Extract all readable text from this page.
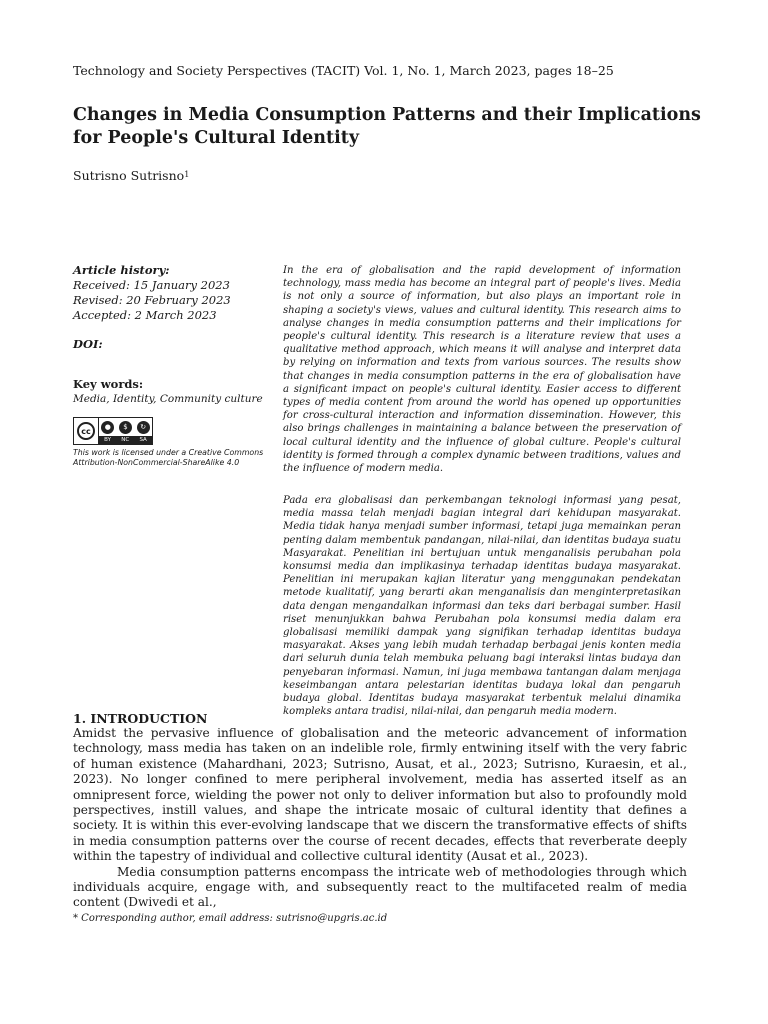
Technology and Society Perspectives (TACIT) Vol. 1, No. 1, March 2023, pages 18–25
Changes in Media Consumption Patterns and their Implications for People's Cultural Identity
Sutrisno Sutrisno$^1$
Article history:
Received: 15 January 2023
Revised: 20 February 2023
Accepted: 2 March 2023
DOI:
Key words:
Media, Identity, Community culture
cc	●	$	↻
BY NC SA
This work is licensed under a Creative Commons
Attribution-NonCommercial-ShareAlike 4.0

In the era of globalisation and the rapid development of information technology, mass media has become an integral part of people's lives. Media is not only a source of information, but also plays an important role in shaping a society's views, values and cultural identity. This research aims to analyse changes in media consumption patterns and their implications for people's cultural identity. This research is a literature review that uses a qualitative method approach, which means it will analyse and interpret data by relying on information and texts from various sources. The results show that changes in media consumption patterns in the era of globalisation have a significant impact on people's cultural identity. Easier access to different types of media content from around the world has opened up opportunities for cross-cultural interaction and information dissemination. However, this also brings challenges in maintaining a balance between the preservation of local cultural identity and the influence of global culture. People's cultural identity is formed through a complex dynamic between traditions, values and the influence of modern media.

Pada era globalisasi dan perkembangan teknologi informasi yang pesat, media massa telah menjadi bagian integral dari kehidupan masyarakat. Media tidak hanya menjadi sumber informasi, tetapi juga memainkan peran penting dalam membentuk pandangan, nilai-nilai, dan identitas budaya suatu Masyarakat. Penelitian ini bertujuan untuk menganalisis perubahan pola konsumsi media dan implikasinya terhadap identitas budaya masyarakat. Penelitian ini merupakan kajian literatur yang menggunakan pendekatan metode kualitatif, yang berarti akan menganalisis dan menginterpretasikan data dengan mengandalkan informasi dan teks dari berbagai sumber. Hasil riset menunjukkan bahwa Perubahan pola konsumsi media dalam era globalisasi memiliki dampak yang signifikan terhadap identitas budaya masyarakat. Akses yang lebih mudah terhadap berbagai jenis konten media dari seluruh dunia telah membuka peluang bagi interaksi lintas budaya dan penyebaran informasi. Namun, ini juga membawa tantangan dalam menjaga keseimbangan antara pelestarian identitas budaya lokal dan pengaruh budaya global. Identitas budaya masyarakat terbentuk melalui dinamika kompleks antara tradisi, nilai-nilai, dan pengaruh media modern.

1. INTRODUCTION

Amidst the pervasive influence of globalisation and the meteoric advancement of information technology, mass media has taken on an indelible role, firmly entwining itself with the very fabric of human existence (Mahardhani, 2023; Sutrisno, Ausat, et al., 2023; Sutrisno, Kuraesin, et al., 2023). No longer confined to mere peripheral involvement, media has asserted itself as an omnipresent force, wielding the power not only to deliver information but also to profoundly mold perspectives, instill values, and shape the intricate mosaic of cultural identity that defines a society. It is within this ever-evolving landscape that we discern the transformative effects of shifts in media consumption patterns over the course of recent decades, effects that reverberate deeply within the tapestry of individual and collective cultural identity (Ausat et al., 2023).

Media consumption patterns encompass the intricate web of methodologies through which individuals acquire, engage with, and subsequently react to the multifaceted realm of media content (Dwivedi et al.,

* Corresponding author, email address: sutrisno@upgris.ac.id
